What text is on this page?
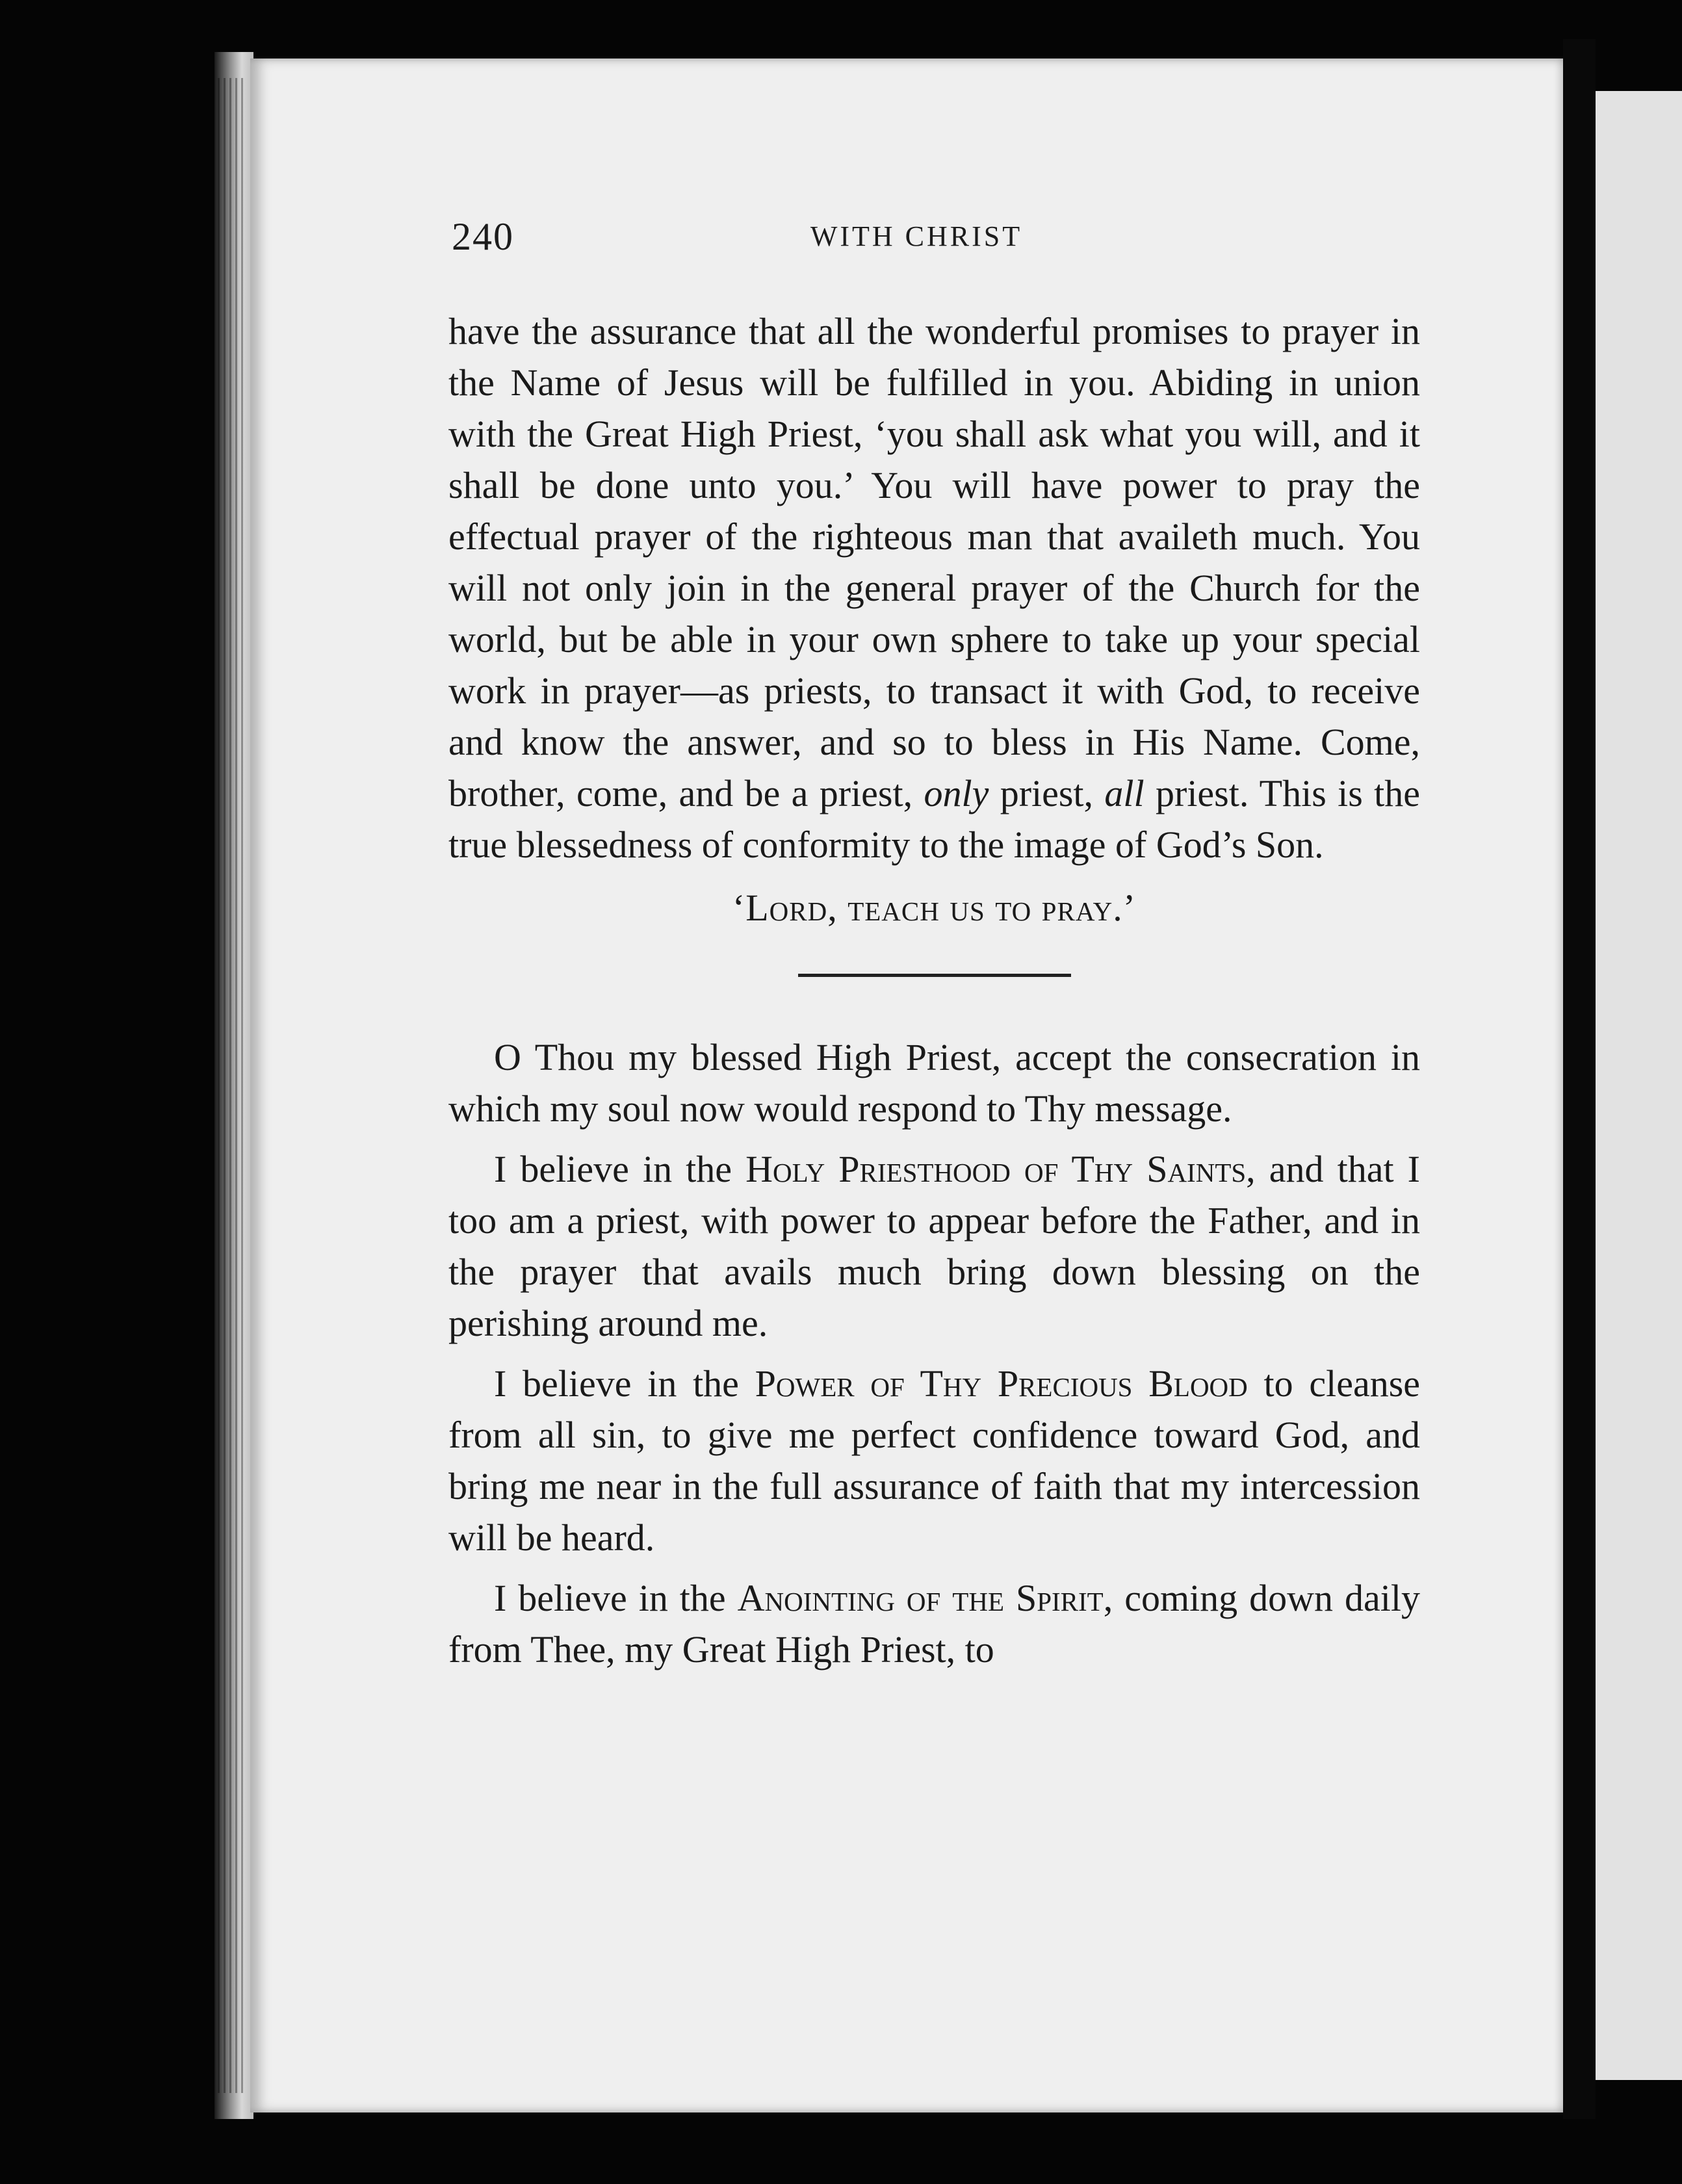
240	WITH CHRIST

have the assurance that all the wonderful promises to prayer in the Name of Jesus will be fulfilled in you. Abiding in union with the Great High Priest, ‘you shall ask what you will, and it shall be done unto you.’ You will have power to pray the effectual prayer of the righteous man that availeth much. You will not only join in the general prayer of the Church for the world, but be able in your own sphere to take up your special work in prayer—as priests, to transact it with God, to receive and know the answer, and so to bless in His Name. Come, brother, come, and be a priest, only priest, all priest. This is the true blessedness of conformity to the image of God’s Son.

‘Lord, teach us to pray.’

O Thou my blessed High Priest, accept the consecration in which my soul now would respond to Thy message.

I believe in the Holy Priesthood of Thy Saints, and that I too am a priest, with power to appear before the Father, and in the prayer that avails much bring down blessing on the perishing around me.

I believe in the Power of Thy Precious Blood to cleanse from all sin, to give me perfect confidence toward God, and bring me near in the full assurance of faith that my intercession will be heard.

I believe in the Anointing of the Spirit, coming down daily from Thee, my Great High Priest, to
